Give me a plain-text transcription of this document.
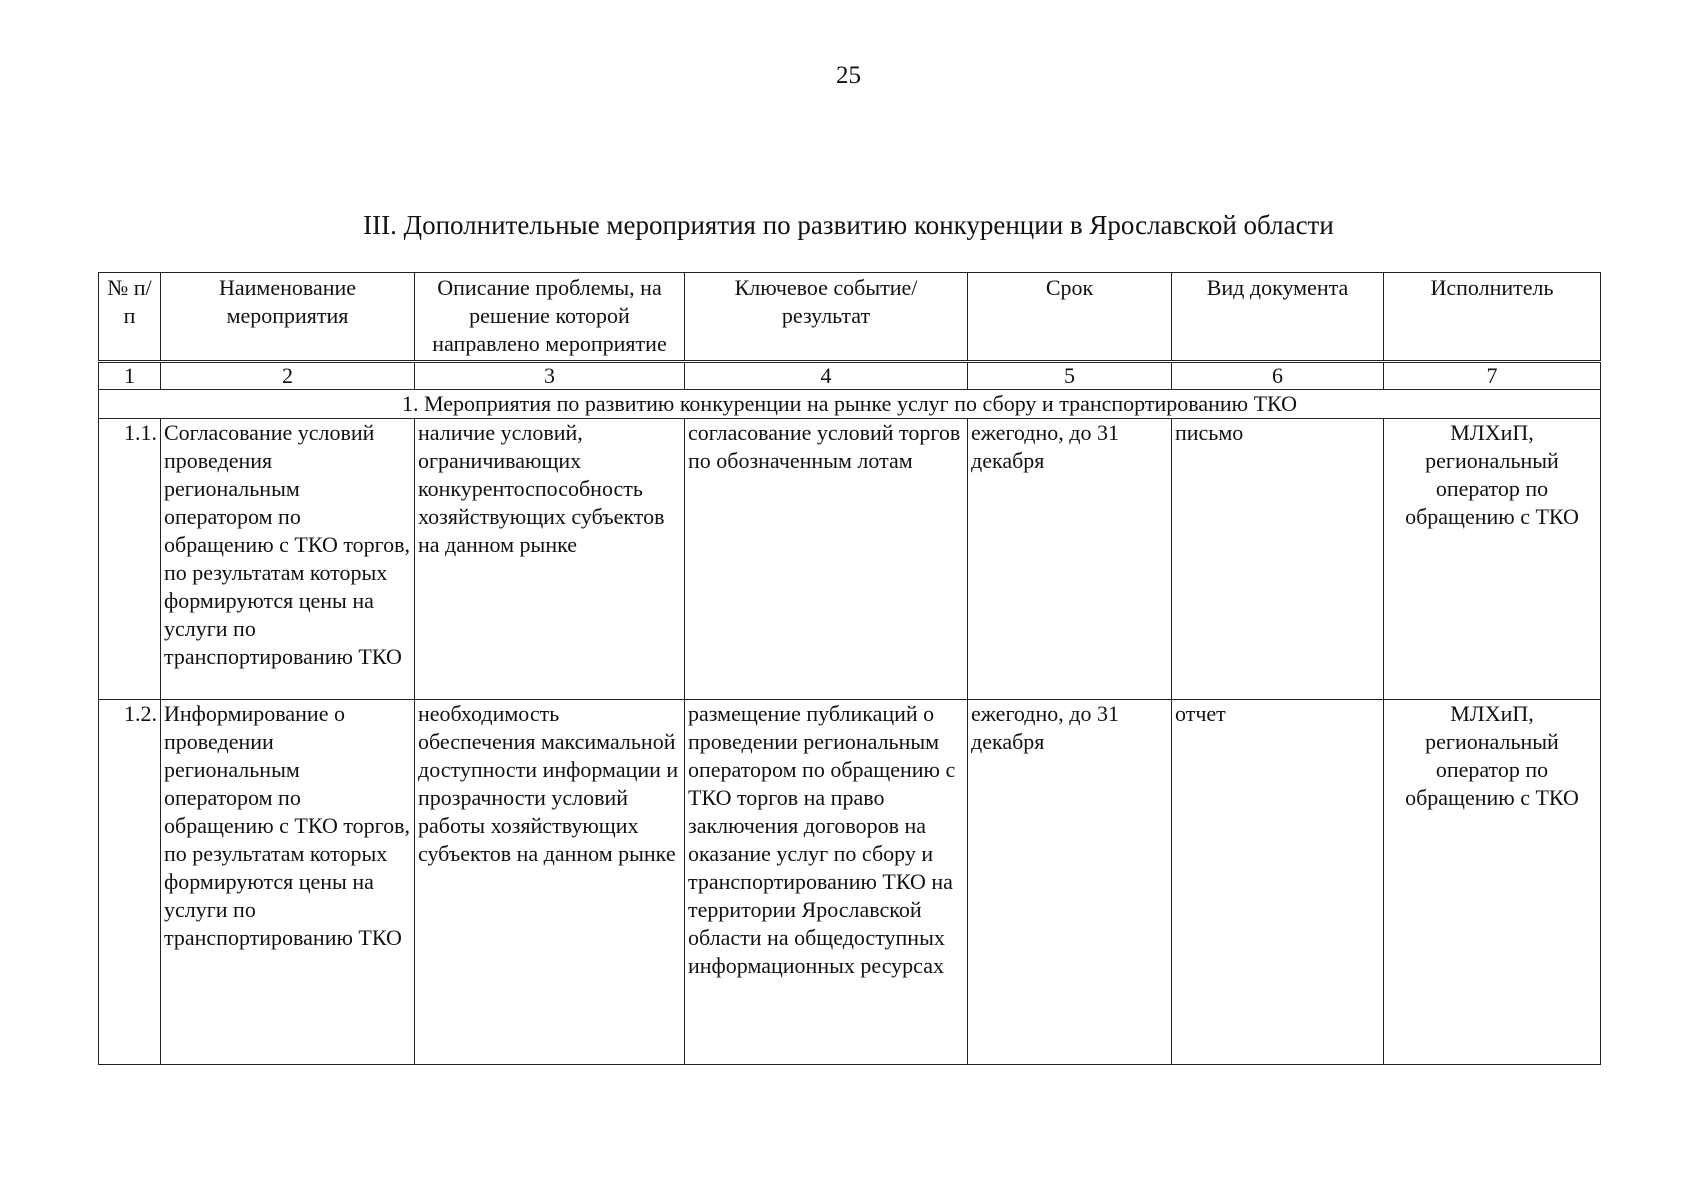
25
III. Дополнительные мероприятия по развитию конкуренции в Ярославской области
№ п/п	Наименование мероприятия	Описание проблемы, на решение которой направлено мероприятие	Ключевое событие/ результат	Срок	Вид документа	Исполнитель
1	2	3	4	5	6	7
1. Мероприятия по развитию конкуренции на рынке услуг по сбору и транспортированию ТКО						
1.1.	Согласование условий проведения региональным оператором по обращению с ТКО торгов, по результатам которых формируются цены на услуги по транспортированию ТКО	наличие условий, ограничивающих конкурентоспособность хозяйствующих субъектов на данном рынке	согласование условий торгов по обозначенным лотам	ежегодно, до 31 декабря	письмо	МЛХиП, региональный оператор по обращению с ТКО
1.2.	Информирование о проведении региональным оператором по обращению с ТКО торгов, по результатам которых формируются цены на услуги по транспортированию ТКО	необходимость обеспечения максимальной доступности информации и прозрачности условий работы хозяйствующих субъектов на данном рынке	размещение публикаций о проведении региональным оператором по обращению с ТКО торгов на право заключения договоров на оказание услуг по сбору и транспортированию ТКО на территории Ярославской области на общедоступных информационных ресурсах	ежегодно, до 31 декабря	отчет	МЛХиП, региональный оператор по обращению с ТКО
